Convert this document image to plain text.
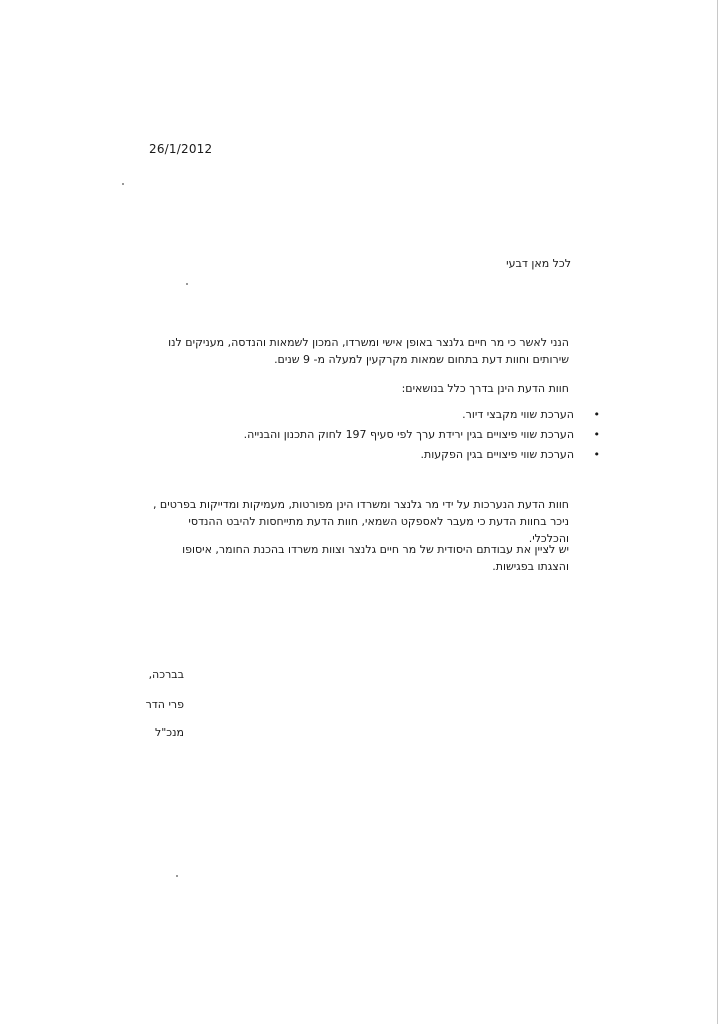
26/1/2012
לכל מאן דבעי
הנני לאשר כי מר חיים גלנצר באופן אישי ומשרדו, המכון לשמאות והנדסה, מעניקים לנו שירותים וחוות דעת בתחום שמאות מקרקעין למעלה מ- 9 שנים.
חוות הדעת הינן בדרך כלל בנושאים:
• הערכת שווי מקבצי דיור.
• הערכת שווי פיצויים בגין ירידת ערך לפי סעיף 197 לחוק התכנון והבנייה.
• הערכת שווי פיצויים בגין הפקעות.
חוות הדעת הנערכות על ידי מר גלנצר ומשרדו הינן מפורטות, מעמיקות ומדייקות בפרטים , ניכר בחוות הדעת כי מעבר לאספקט השמאי, חוות הדעת מתייחסות להיבט ההנדסי והכלכלי.
יש לציין את עבודתם היסודית של מר חיים גלנצר וצוות משרדו בהכנת החומר, איסופו והצגתו בפגישות.
בברכה,
פרי הדר
מנכ"ל
